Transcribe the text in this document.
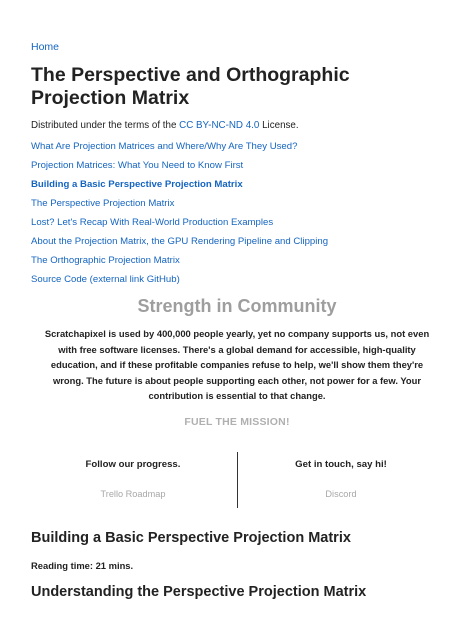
Home
The Perspective and Orthographic Projection Matrix
Distributed under the terms of the CC BY-NC-ND 4.0 License.
What Are Projection Matrices and Where/Why Are They Used?
Projection Matrices: What You Need to Know First
Building a Basic Perspective Projection Matrix
The Perspective Projection Matrix
Lost? Let's Recap With Real-World Production Examples
About the Projection Matrix, the GPU Rendering Pipeline and Clipping
The Orthographic Projection Matrix
Source Code (external link GitHub)
Strength in Community

Scratchapixel is used by 400,000 people yearly, yet no company supports us, not even with free software licenses. There's a global demand for accessible, high-quality education, and if these profitable companies refuse to help, we'll show them they're wrong. The future is about people supporting each other, not power for a few. Your contribution is essential to that change.

FUEL THE MISSION!
Follow our progress.
Trello Roadmap
Get in touch, say hi!
Discord
Building a Basic Perspective Projection Matrix
Reading time: 21 mins.
Understanding the Perspective Projection Matrix
